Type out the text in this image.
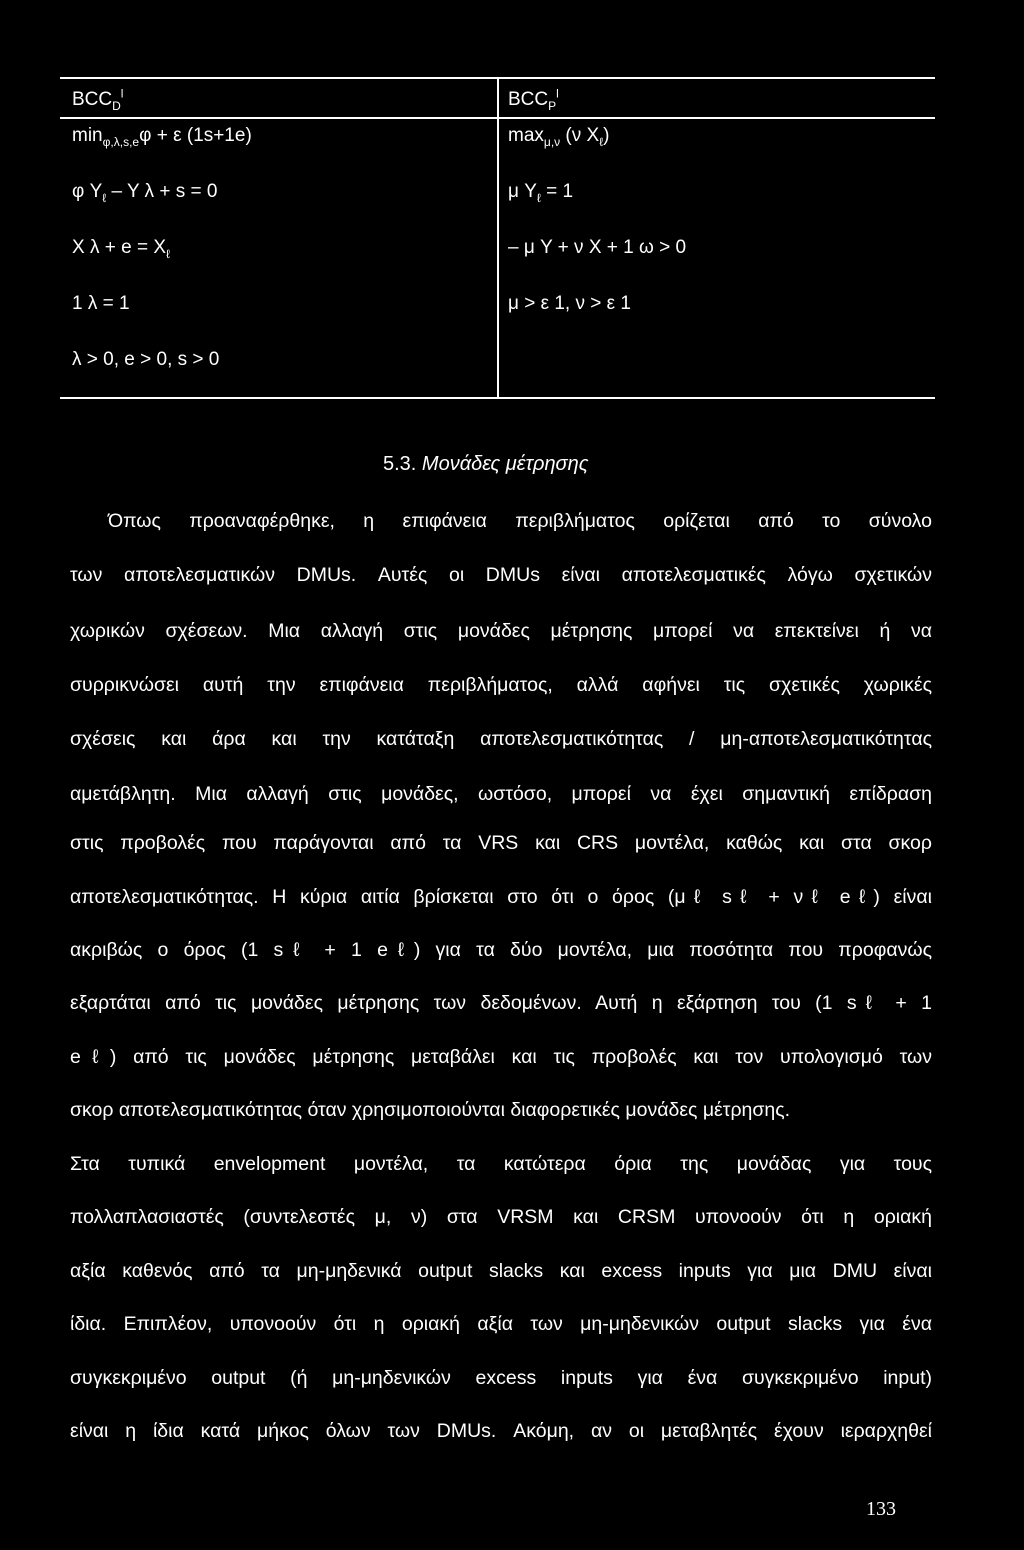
$BCC_D^l$	$BCC_P^l$
$\min_{\varphi,\lambda,s,e}\varphi + \varepsilon$ (1s+1e)
φ $Y_\ell$ – Y λ + s = 0
X $\lambda + e = X_\ell$
1 λ = 1
λ > 0, e > 0, s > 0
$\max_{\mu,\nu} (\nu$ $X_\ell$)
μ $Y_\ell = 1$
– μ Y + ν X + 1 ω > 0
μ > ε 1, ν > ε 1
5.3. Μονάδες μέτρησης
Όπως προαναφέρθηκε, η επιφάνεια περιβλήματος ορίζεται από το σύνολο
των αποτελεσματικών DMUs. Αυτές οι DMUs είναι αποτελεσματικές λόγω σχετικών
χωρικών σχέσεων. Μια αλλαγή στις μονάδες μέτρησης μπορεί να επεκτείνει ή να
συρρικνώσει αυτή την επιφάνεια περιβλήματος, αλλά αφήνει τις σχετικές χωρικές
σχέσεις και άρα και την κατάταξη αποτελεσματικότητας / μη-αποτελεσματικότητας
αμετάβλητη. Μια αλλαγή στις μονάδες, ωστόσο, μπορεί να έχει σημαντική επίδραση
στις προβολές που παράγονται από τα VRS και CRS μοντέλα, καθώς και στα σκορ
αποτελεσματικότητας. Η κύρια αιτία βρίσκεται στο ότι ο όρος (μℓ sℓ + νℓ eℓ) είναι
ακριβώς ο όρος (1 sℓ + 1 eℓ) για τα δύο μοντέλα, μια ποσότητα που προφανώς
εξαρτάται από τις μονάδες μέτρησης των δεδομένων. Αυτή η εξάρτηση του (1 sℓ + 1
eℓ) από τις μονάδες μέτρησης μεταβάλει και τις προβολές και τον υπολογισμό των
σκορ αποτελεσματικότητας όταν χρησιμοποιούνται διαφορετικές μονάδες μέτρησης.
Στα τυπικά envelopment μοντέλα, τα κατώτερα όρια της μονάδας για τους
πολλαπλασιαστές (συντελεστές μ, ν) στα VRSM και CRSM υπονοούν ότι η οριακή
αξία καθενός από τα μη-μηδενικά output slacks και excess inputs για μια DMU είναι
ίδια. Επιπλέον, υπονοούν ότι η οριακή αξία των μη-μηδενικών output slacks για ένα
συγκεκριμένο output (ή μη-μηδενικών excess inputs για ένα συγκεκριμένο input)
είναι η ίδια κατά μήκος όλων των DMUs. Ακόμη, αν οι μεταβλητές έχουν ιεραρχηθεί
133
